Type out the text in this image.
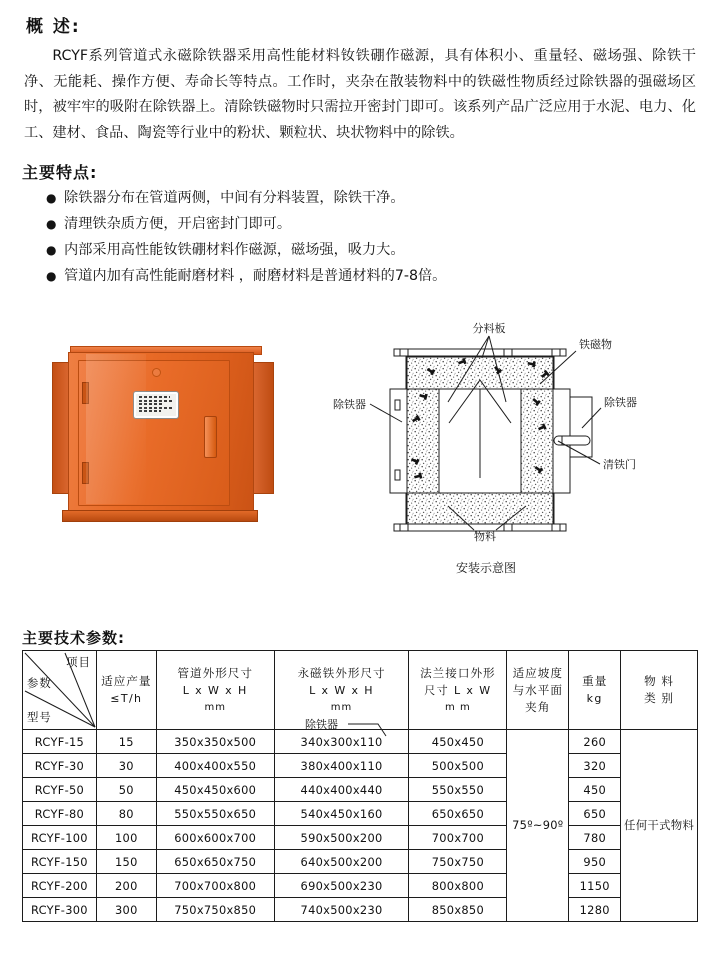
概 述:
RCYF系列管道式永磁除铁器采用高性能材料钕铁硼作磁源，具有体积小、重量轻、磁场强、除铁干净、无能耗、操作方便、寿命长等特点。工作时，夹杂在散装物料中的铁磁性物质经过除铁器的强磁场区时，被牢牢的吸附在除铁器上。清除铁磁物时只需拉开密封门即可。该系列产品广泛应用于水泥、电力、化工、建材、食品、陶瓷等行业中的粉状、颗粒状、块状物料中的除铁。
主要特点:
● 除铁器分布在管道两侧，中间有分料装置，除铁干净。
● 清理铁杂质方便，开启密封门即可。
● 内部采用高性能钕铁硼材料作磁源，磁场强，吸力大。
● 管道内加有高性能耐磨材料 ，耐磨材料是普通材料的7-8倍。
分料板
铁磁物
除铁器
清铁门
物料
除铁器
安装示意图
除铁器
主要技术参数:
项目
参数
型号

适应产量
≤T/h

管道外形尺寸
L x W x H
mm

永磁铁外形尺寸
L x W x H
mm

法兰接口外形
尺寸 L x W
m m

适应坡度
与水平面
夹角

重量
kg

物 料
类 别

RCYF-15	15	350x350x500	340x300x110	450x450	75º~90º	260	任何干式物料
RCYF-30	30	400x400x550	380x400x110	500x500		320	
RCYF-50	50	450x450x600	440x400x440	550x550		450	
RCYF-80	80	550x550x650	540x450x160	650x650		650	
RCYF-100	100	600x600x700	590x500x200	700x700		780	
RCYF-150	150	650x650x750	640x500x200	750x750		950	
RCYF-200	200	700x700x800	690x500x230	800x800		1150	
RCYF-300	300	750x750x850	740x500x230	850x850		1280	
